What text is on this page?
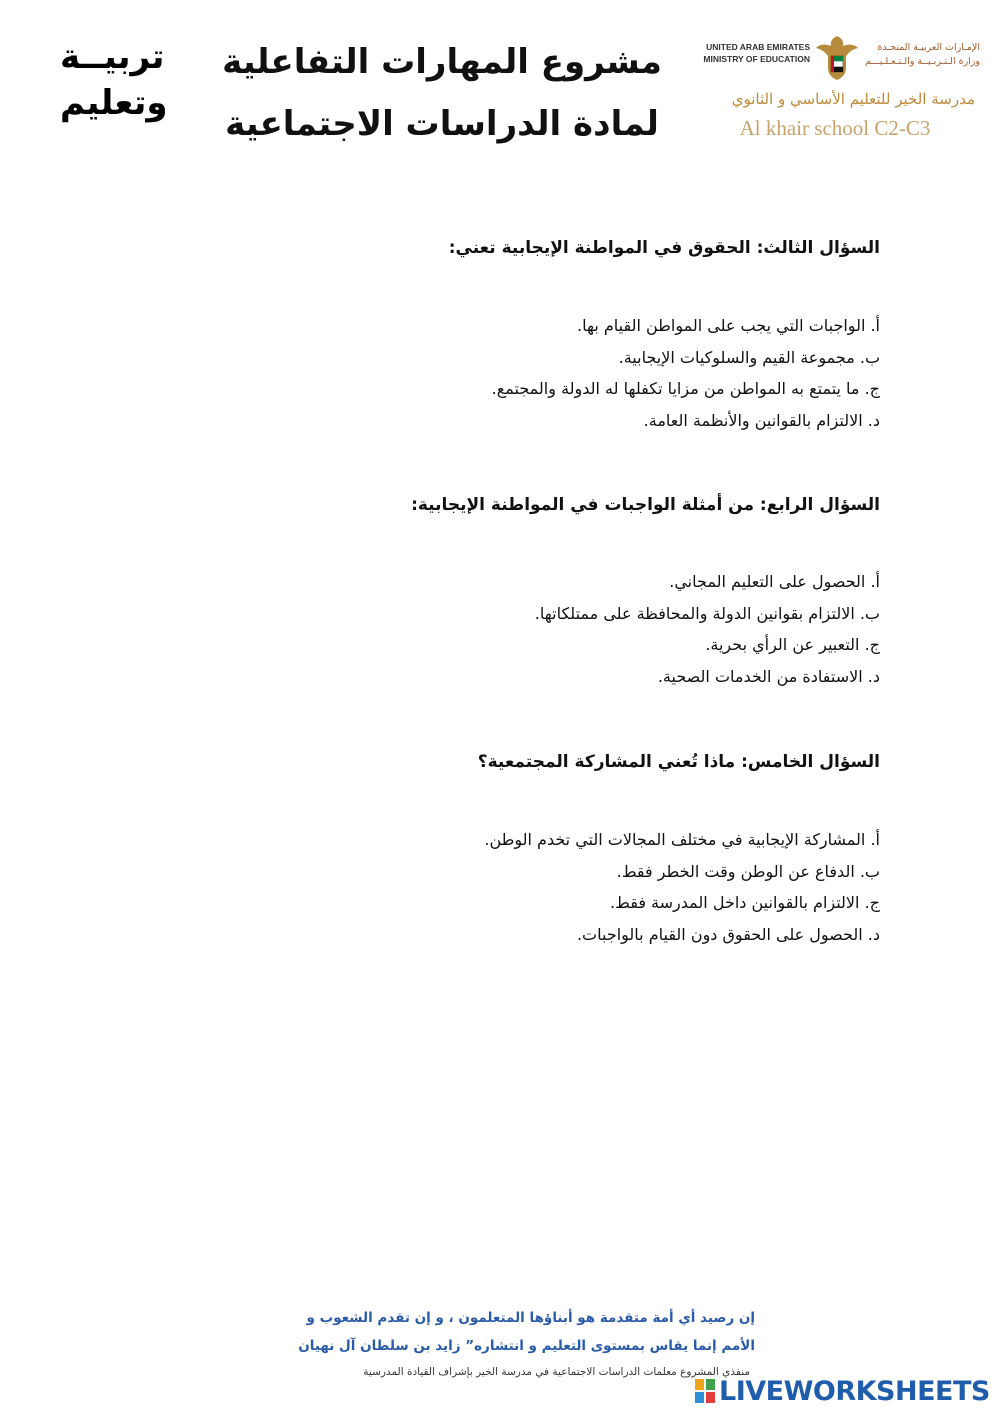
تربيــة
وتعليم
مشروع المهارات التفاعلية
لمادة الدراسات الاجتماعية
UNITED ARAB EMIRATES
MINISTRY OF EDUCATION
الإمـارات العربيـة المتحـدة
وزارة الـتـربـيــة والـتـعـلـيـــم
مدرسة الخير للتعليم الأساسي و الثانوي
Al khair school C2-C3
السؤال الثالث: الحقوق في المواطنة الإيجابية تعني:
أ. الواجبات التي يجب على المواطن القيام بها.
ب. مجموعة القيم والسلوكيات الإيجابية.
ج. ما يتمتع به المواطن من مزايا تكفلها له الدولة والمجتمع.
د. الالتزام بالقوانين والأنظمة العامة.
السؤال الرابع: من أمثلة الواجبات في المواطنة الإيجابية:
أ. الحصول على التعليم المجاني.
ب. الالتزام بقوانين الدولة والمحافظة على ممتلكاتها.
ج. التعبير عن الرأي بحرية.
د. الاستفادة من الخدمات الصحية.
السؤال الخامس: ماذا تُعني المشاركة المجتمعية؟
أ. المشاركة الإيجابية في مختلف المجالات التي تخدم الوطن.
ب. الدفاع عن الوطن وقت الخطر فقط.
ج. الالتزام بالقوانين داخل المدرسة فقط.
د. الحصول على الحقوق دون القيام بالواجبات.
إن رصيد أي أمة متقدمة هو أبناؤها المتعلمون ، و إن تقدم الشعوب و
الأمم إنما يقاس بمستوى التعليم و انتشاره” زايد بن سلطان آل نهيان
منفذي المشروع معلمات الدراسات الاجتماعية في مدرسة الخير بإشراف القيادة المدرسية
LIVEWORKSHEETS
